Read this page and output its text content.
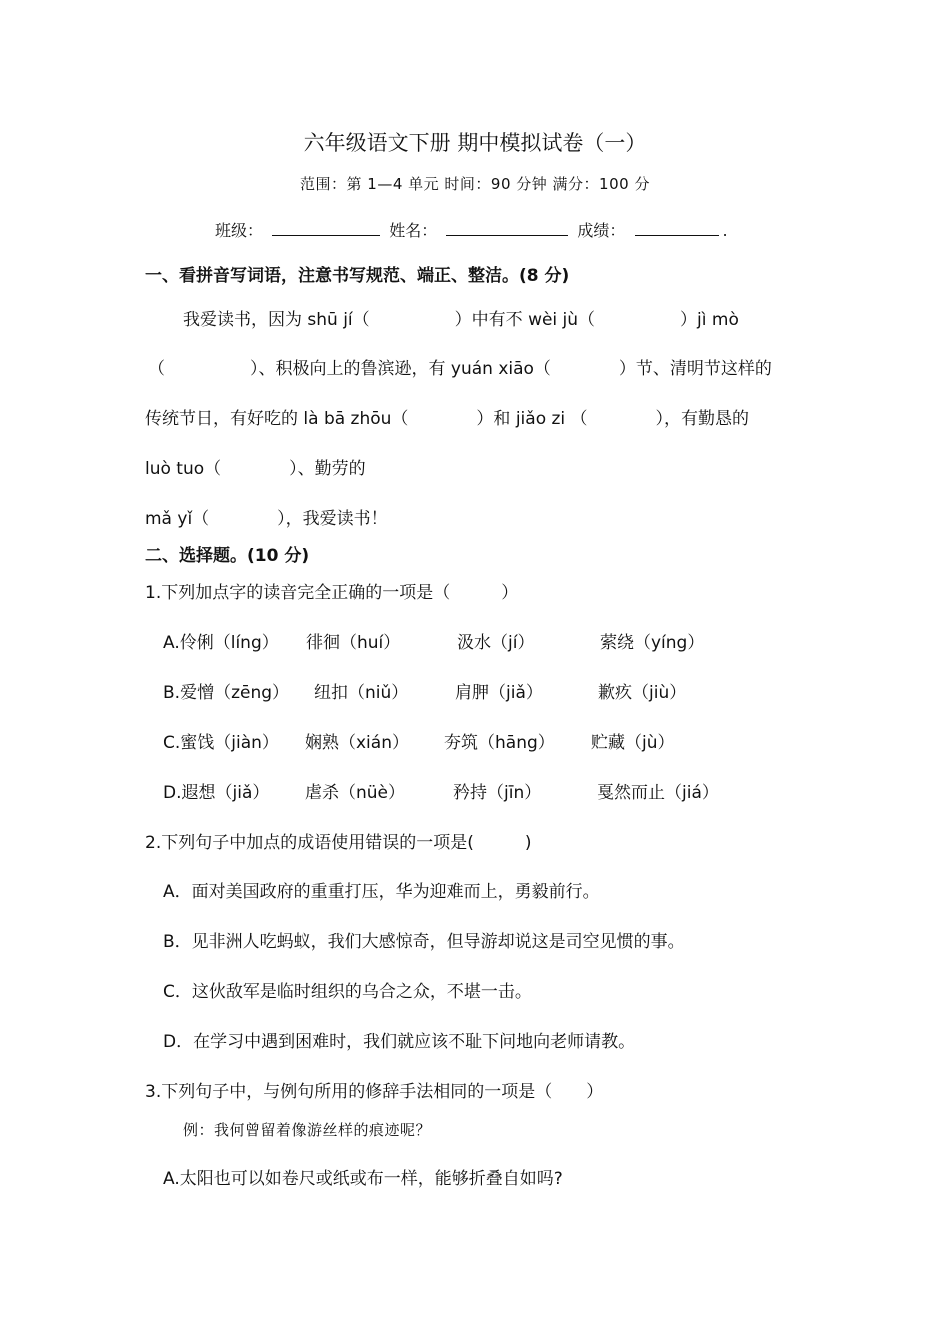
六年级语文下册 期中模拟试卷（一）
范围：第 1—4 单元 时间：90 分钟 满分：100 分
班级：	姓名：	成绩：	.
一、看拼音写词语，注意书写规范、端正、整洁。(8 分)
我爱读书，因为 shū jí（　　　　　）中有不 wèi jù（　　　　　）jì mò
（　　　　　）、积极向上的鲁滨逊，有 yuán xiāo（　　　　）节、清明节这样的
传统节日，有好吃的 là bā zhōu（　　　　）和 jiǎo zi （　　　　），有勤恳的
luò tuo（　　　　）、勤劳的
mǎ yǐ（　　　　），我爱读书！
二、选择题。(10 分)
1.下列加点字的读音完全正确的一项是（　　　）
A.伶俐（líng） 徘徊（huí）	汲水（jí）	萦绕（yíng）
B.爱憎（zēng） 纽扣（niǔ）	肩胛（jiǎ）	歉疚（jiù）
C.蜜饯（jiàn） 娴熟（xián） 夯筑（hāng） 贮藏（jù）
D.遐想（jiǎ） 虐杀（nüè）	矜持（jīn）	戛然而止（jiá）
2.下列句子中加点的成语使用错误的一项是(　　　)
A．面对美国政府的重重打压，华为迎难而上，勇毅前行。
B．见非洲人吃蚂蚁，我们大感惊奇，但导游却说这是司空见惯的事。
C．这伙敌军是临时组织的乌合之众，不堪一击。
D．在学习中遇到困难时，我们就应该不耻下问地向老师请教。
3.下列句子中，与例句所用的修辞手法相同的一项是（　　）
例：我何曾留着像游丝样的痕迹呢？
A.太阳也可以如卷尺或纸或布一样，能够折叠自如吗?
